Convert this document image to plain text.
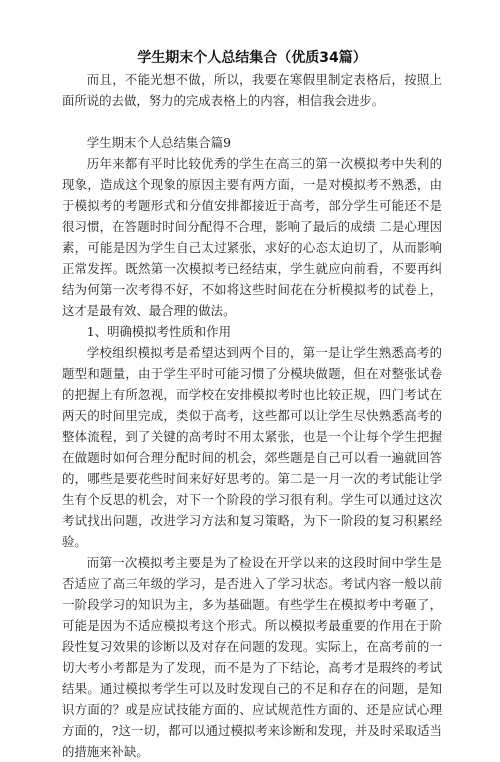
学生期末个人总结集合（优质34篇）

而且，不能光想不做，所以，我要在寒假里制定表格后，按照上面所说的去做，努力的完成表格上的内容，相信我会进步。

学生期末个人总结集合篇9

历年来都有平时比较优秀的学生在高三的第一次模拟考中失利的现象，造成这个现象的原因主要有两方面，一是对模拟考不熟悉，由于模拟考的考题形式和分值安排都接近于高考，部分学生可能还不是很习惯，在答题时时间分配得不合理，影响了最后的成绩 二是心理因素，可能是因为学生自己太过紧张，求好的心态太迫切了，从而影响正常发挥。既然第一次模拟考已经结束，学生就应向前看，不要再纠结为何第一次考得不好，不如将这些时间花在分析模拟考的试卷上，这才是最有效、最合理的做法。

1、明确模拟考性质和作用

学校组织模拟考是希望达到两个目的，第一是让学生熟悉高考的题型和题量，由于学生平时可能习惯了分模块做题，但在对整张试卷的把握上有所忽视，而学校在安排模拟考时也比较正规，四门考试在两天的时间里完成，类似于高考，这些都可以让学生尽快熟悉高考的整体流程，到了关键的高考时不用太紧张，也是一个让每个学生把握在做题时如何合理分配时间的机会，郊些题是自己可以看一遍就回答的，哪些是要花些时间来好好思考的。第二是一月一次的考试能让学生有个反思的机会，对下一个阶段的学习很有利。学生可以通过这次考试找出问题，改进学习方法和复习策略，为下一阶段的复习积累经验。

而第一次模拟考主要是为了检设在开学以来的这段时间中学生是否适应了高三年级的学习，是否进入了学习状态。考试内容一般以前一阶段学习的知识为主，多为基础题。有些学生在模拟考中考砸了，可能是因为不适应模拟考这个形式。所以模拟考最重要的作用在于阶段性复习效果的诊断以及对存在问题的发现。实际上，在高考前的一切大考小考都是为了发现，而不是为了下结论，高考才是瑕终的考试结果。通过模拟考学生可以及时发现自己的不足和存在的问题，是知识方面的？或是应试技能方面的、应试规范性方面的、还是应试心理方面的，?这一切，都可以通过模拟考来诊断和发现，并及时采取适当的措施来补缺。
